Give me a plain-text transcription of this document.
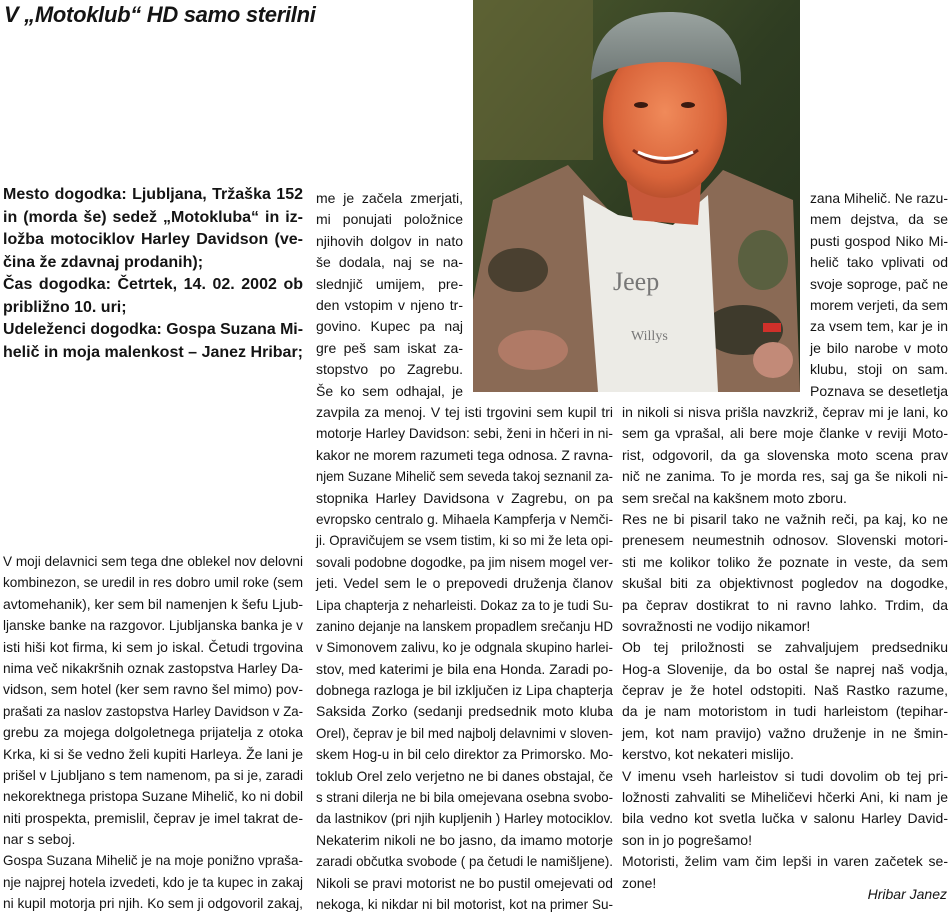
V „Motoklub“ HD samo sterilni
Jeep
Willys
Mesto dogodka: Ljubljana, Tržaška 152
in (morda še) sedež „Motokluba“ in iz-
ložba motociklov Harley Davidson (ve-
čina že zdavnaj prodanih);
Čas dogodka: Četrtek, 14. 02. 2002 ob
približno 10. uri;
Udeleženci dogodka: Gospa Suzana Mi-
helič in moja malenkost – Janez Hribar;
V moji delavnici sem tega dne oblekel nov delovni
kombinezon, se uredil in res dobro umil roke (sem
avtomehanik), ker sem bil namenjen k šefu Ljub-
ljanske banke na razgovor. Ljubljanska banka je v
isti hiši kot firma, ki sem jo iskal. Četudi trgovina
nima več nikakršnih oznak zastopstva Harley Da-
vidson, sem hotel (ker sem ravno šel mimo) pov-
prašati za naslov zastopstva Harley Davidson v Za-
grebu za mojega dolgoletnega prijatelja z otoka
Krka, ki si še vedno želi kupiti Harleya. Že lani je
prišel v Ljubljano s tem namenom, pa si je, zaradi
nekorektnega pristopa Suzane Mihelič, ko ni dobil
niti prospekta, premislil, čeprav je imel takrat de-
nar s seboj.
Gospa Suzana Mihelič je na moje ponižno vpraša-
nje najprej hotela izvedeti, kdo je ta kupec in zakaj
ni kupil motorja pri njih. Ko sem ji odgovoril zakaj,
me je začela zmerjati,
mi ponujati položnice
njihovih dolgov in nato
še dodala, naj se na-
slednjič umijem, pre-
den vstopim v njeno tr-
govino. Kupec pa naj
gre peš sam iskat za-
stopstvo po Zagrebu.
Še ko sem odhajal, je
zavpila za menoj. V tej isti trgovini sem kupil tri
motorje Harley Davidson: sebi, ženi in hčeri in ni-
kakor ne morem razumeti tega odnosa. Z ravna-
njem Suzane Mihelič sem seveda takoj seznanil za-
stopnika Harley Davidsona v Zagrebu, on pa
evropsko centralo g. Mihaela Kampferja v Nemči-
ji. Opravičujem se vsem tistim, ki so mi že leta opi-
sovali podobne dogodke, pa jim nisem mogel ver-
jeti. Vedel sem le o prepovedi druženja članov
Lipa chapterja z neharleisti. Dokaz za to je tudi Su-
zanino dejanje na lanskem propadlem srečanju HD
v Simonovem zalivu, ko je odgnala skupino harlei-
stov, med katerimi je bila ena Honda. Zaradi po-
dobnega razloga je bil izključen iz Lipa chapterja
Saksida Zorko (sedanji predsednik moto kluba
Orel), čeprav je bil med najbolj delavnimi v sloven-
skem Hog-u in bil celo direktor za Primorsko. Mo-
toklub Orel zelo verjetno ne bi danes obstajal, če
s strani dilerja ne bi bila omejevana osebna svobo-
da lastnikov (pri njih kupljenih ) Harley motociklov.
Nekaterim nikoli ne bo jasno, da imamo motorje
zaradi občutka svobode ( pa četudi le namišljene).
Nikoli se pravi motorist ne bo pustil omejevati od
nekoga, ki nikdar ni bil motorist, kot na primer Su-
zana Mihelič. Ne razu-
mem dejstva, da se
pusti gospod Niko Mi-
helič tako vplivati od
svoje soproge, pač ne
morem verjeti, da sem
za vsem tem, kar je in
je bilo narobe v moto
klubu, stoji on sam.
Poznava se desetletja
in nikoli si nisva prišla navzkriž, čeprav mi je lani, ko
sem ga vprašal, ali bere moje članke v reviji Moto-
rist, odgovoril, da ga slovenska moto scena prav
nič ne zanima. To je morda res, saj ga še nikoli ni-
sem srečal na kakšnem moto zboru.
Res ne bi pisaril tako ne važnih reči, pa kaj, ko ne
prenesem neumestnih odnosov. Slovenski motori-
sti me kolikor toliko že poznate in veste, da sem
skušal biti za objektivnost pogledov na dogodke,
pa čeprav dostikrat to ni ravno lahko. Trdim, da
sovražnosti ne vodijo nikamor!
Ob tej priložnosti se zahvaljujem predsedniku
Hog-a Slovenije, da bo ostal še naprej naš vodja,
čeprav je že hotel odstopiti. Naš Rastko razume,
da je nam motoristom in tudi harleistom (tepihar-
jem, kot nam pravijo) važno druženje in ne šmin-
kerstvo, kot nekateri mislijo.
V imenu vseh harleistov si tudi dovolim ob tej pri-
ložnosti zahvaliti se Miheličevi hčerki Ani, ki nam je
bila vedno kot svetla lučka v salonu Harley David-
son in jo pogrešamo!
Motoristi, želim vam čim lepši in varen začetek se-
zone!
Hribar Janez
